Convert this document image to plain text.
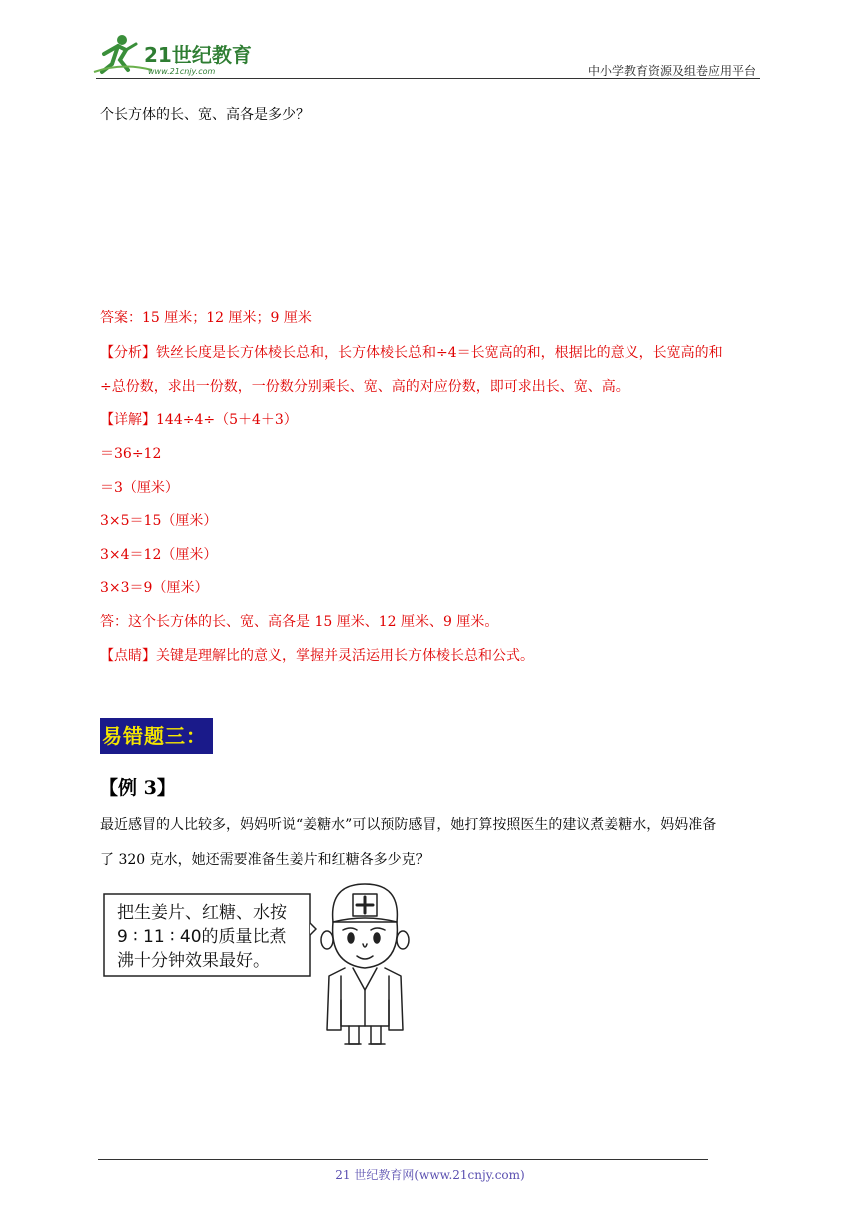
21世纪教育
www.21cnjy.com	中小学教育资源及组卷应用平台
个长方体的长、宽、高各是多少？
答案：15 厘米；12 厘米；9 厘米
【分析】铁丝长度是长方体棱长总和，长方体棱长总和÷4＝长宽高的和，根据比的意义，长宽高的和
÷总份数，求出一份数，一份数分别乘长、宽、高的对应份数，即可求出长、宽、高。
【详解】144÷4÷（5＋4＋3）
＝36÷12
＝3（厘米）
3×5＝15（厘米）
3×4＝12（厘米）
3×3＝9（厘米）
答：这个长方体的长、宽、高各是 15 厘米、12 厘米、9 厘米。
【点睛】关键是理解比的意义，掌握并灵活运用长方体棱长总和公式。
易错题三：
【例 3】
最近感冒的人比较多，妈妈听说“姜糖水”可以预防感冒，她打算按照医生的建议煮姜糖水，妈妈准备
了 320 克水，她还需要准备生姜片和红糖各多少克？
把生姜片、红糖、水按
9 ∶ 11 ∶ 40的质量比煮
沸十分钟效果最好。
21 世纪教育网(www.21cnjy.com)
